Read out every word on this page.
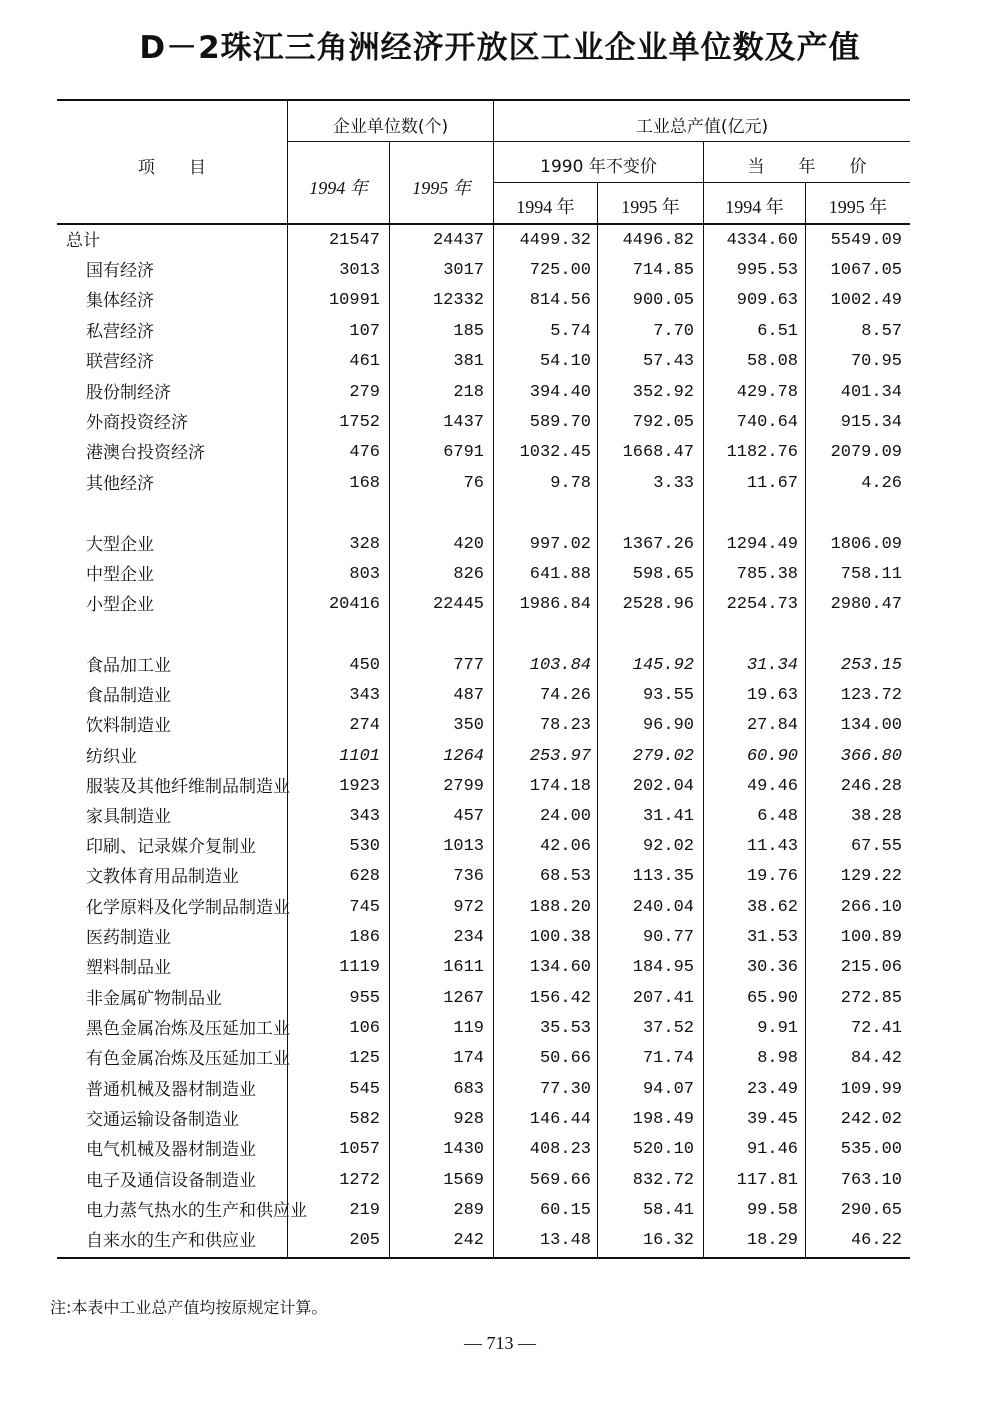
D－2珠江三角洲经济开放区工业企业单位数及产值
项　　目
企业单位数(个)	工业总产值(亿元)
1994 年	1995 年
1990 年不变价	当　　年　　价
1994 年	1995 年	1994 年	1995 年
总计	21547	24437	4499.32	4496.82	4334.60	5549.09
国有经济	3013	3017	725.00	714.85	995.53	1067.05
集体经济	10991	12332	814.56	900.05	909.63	1002.49
私营经济	107	185	5.74	7.70	6.51	8.57
联营经济	461	381	54.10	57.43	58.08	70.95
股份制经济	279	218	394.40	352.92	429.78	401.34
外商投资经济	1752	1437	589.70	792.05	740.64	915.34
港澳台投资经济	476	6791	1032.45	1668.47	1182.76	2079.09
其他经济	168	76	9.78	3.33	11.67	4.26
大型企业	328	420	997.02	1367.26	1294.49	1806.09
中型企业	803	826	641.88	598.65	785.38	758.11
小型企业	20416	22445	1986.84	2528.96	2254.73	2980.47
食品加工业	450	777	103.84	145.92	31.34	253.15
食品制造业	343	487	74.26	93.55	19.63	123.72
饮料制造业	274	350	78.23	96.90	27.84	134.00
纺织业	1101	1264	253.97	279.02	60.90	366.80
服装及其他纤维制品制造业	1923	2799	174.18	202.04	49.46	246.28
家具制造业	343	457	24.00	31.41	6.48	38.28
印刷、记录媒介复制业	530	1013	42.06	92.02	11.43	67.55
文教体育用品制造业	628	736	68.53	113.35	19.76	129.22
化学原料及化学制品制造业	745	972	188.20	240.04	38.62	266.10
医药制造业	186	234	100.38	90.77	31.53	100.89
塑料制品业	1119	1611	134.60	184.95	30.36	215.06
非金属矿物制品业	955	1267	156.42	207.41	65.90	272.85
黑色金属冶炼及压延加工业	106	119	35.53	37.52	9.91	72.41
有色金属冶炼及压延加工业	125	174	50.66	71.74	8.98	84.42
普通机械及器材制造业	545	683	77.30	94.07	23.49	109.99
交通运输设备制造业	582	928	146.44	198.49	39.45	242.02
电气机械及器材制造业	1057	1430	408.23	520.10	91.46	535.00
电子及通信设备制造业	1272	1569	569.66	832.72	117.81	763.10
电力蒸气热水的生产和供应业	219	289	60.15	58.41	99.58	290.65
自来水的生产和供应业	205	242	13.48	16.32	18.29	46.22
注:本表中工业总产值均按原规定计算。
— 713 —
